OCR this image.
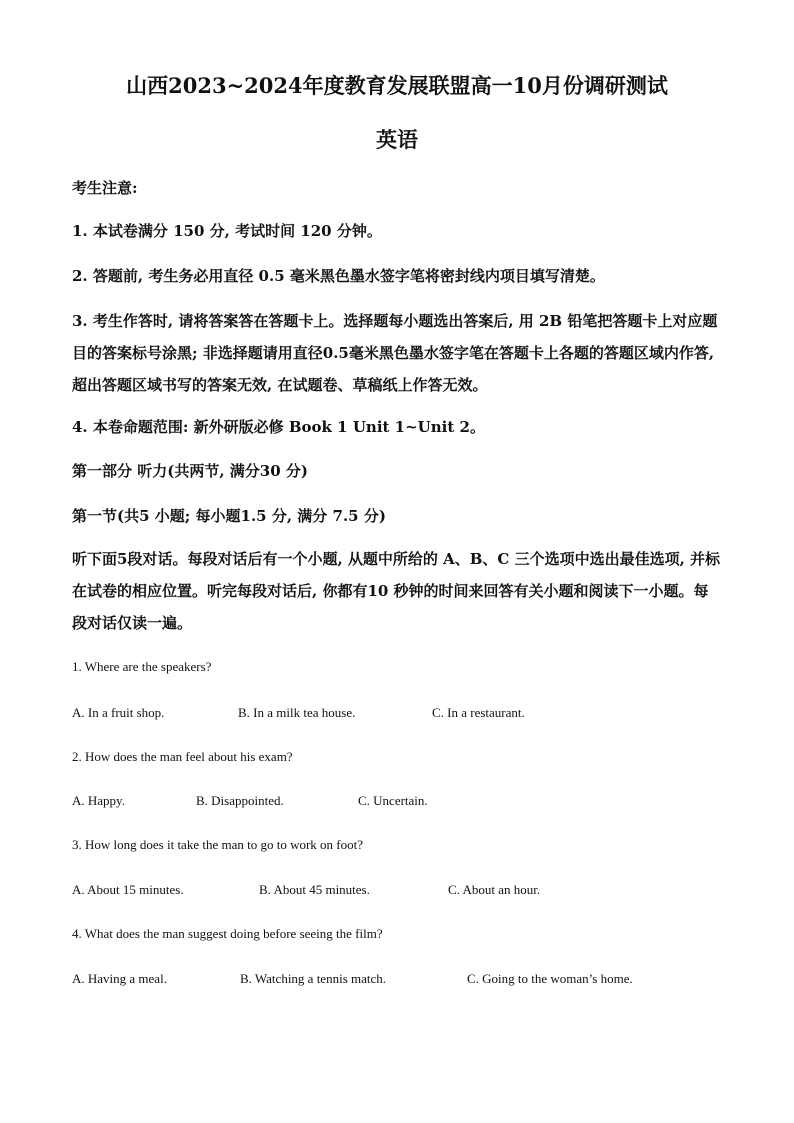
山西2023~2024年度教育发展联盟高一10月份调研测试
英语
考生注意:
1. 本试卷满分 150 分, 考试时间 120 分钟。
2. 答题前, 考生务必用直径 0.5 毫米黑色墨水签字笔将密封线内项目填写清楚。
3. 考生作答时, 请将答案答在答题卡上。选择题每小题选出答案后, 用 2B 铅笔把答题卡上对应题目的答案标号涂黑; 非选择题请用直径0.5毫米黑色墨水签字笔在答题卡上各题的答题区域内作答, 超出答题区域书写的答案无效, 在试题卷、草稿纸上作答无效。
4. 本卷命题范围: 新外研版必修 Book 1 Unit 1~Unit 2。
第一部分 听力(共两节, 满分30 分)
第一节(共5 小题; 每小题1.5 分, 满分 7.5 分)
听下面5段对话。每段对话后有一个小题, 从题中所给的 A、B、C 三个选项中选出最佳选项, 并标在试卷的相应位置。听完每段对话后, 你都有10 秒钟的时间来回答有关小题和阅读下一小题。每段对话仅读一遍。
1. Where are the speakers?
A. In a fruit shop.	B. In a milk tea house.	C. In a restaurant.
2. How does the man feel about his exam?
A. Happy.	B. Disappointed.	C. Uncertain.
3. How long does it take the man to go to work on foot?
A. About 15 minutes.	B. About 45 minutes.	C. About an hour.
4. What does the man suggest doing before seeing the film?
A. Having a meal.	B. Watching a tennis match.	C. Going to the woman’s home.
